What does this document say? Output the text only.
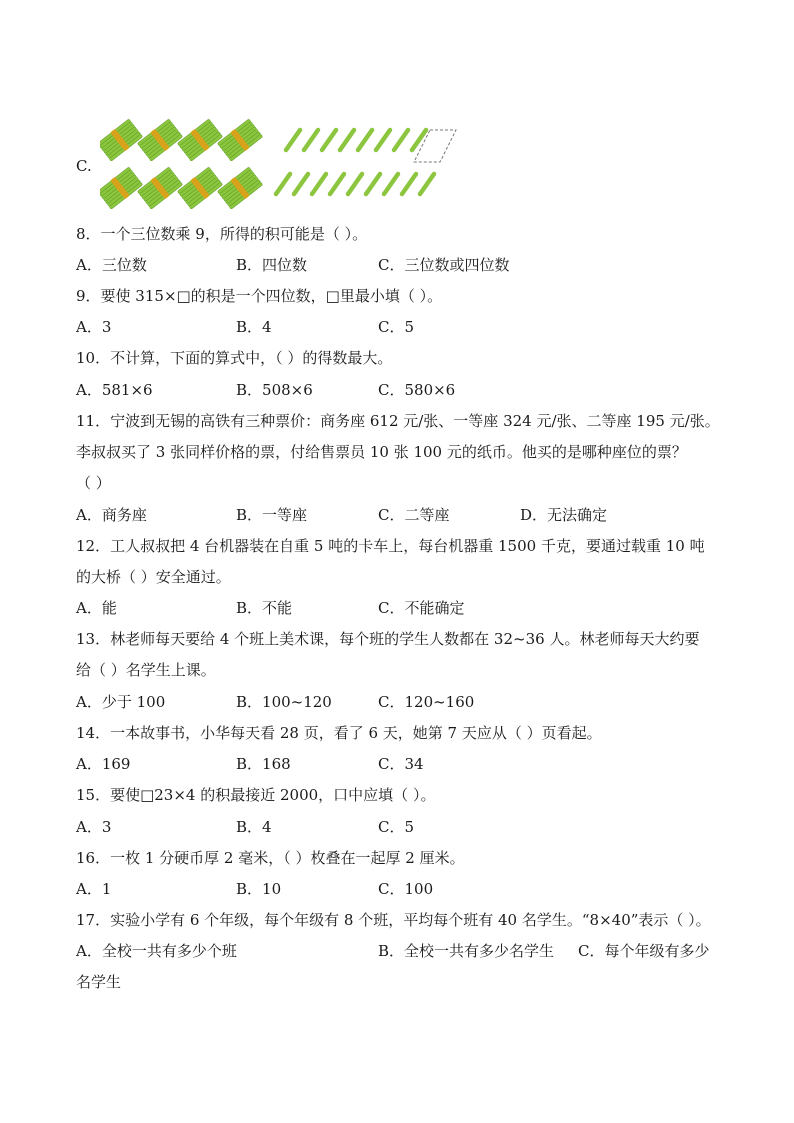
C.
8．一个三位数乘 9，所得的积可能是（ ）。
A．三位数	B．四位数	C．三位数或四位数
9．要使 315×□的积是一个四位数，□里最小填（ ）。
A．3	B．4	C．5
10．不计算，下面的算式中，（ ）的得数最大。
A．581×6	B．508×6	C．580×6
11．宁波到无锡的高铁有三种票价：商务座 612 元/张、一等座 324 元/张、二等座 195 元/张。
李叔叔买了 3 张同样价格的票，付给售票员 10 张 100 元的纸币。他买的是哪种座位的票？
（ ）
A．商务座	B．一等座	C．二等座	D．无法确定
12．工人叔叔把 4 台机器装在自重 5 吨的卡车上，每台机器重 1500 千克，要通过载重 10 吨
的大桥（ ）安全通过。
A．能	B．不能	C．不能确定
13．林老师每天要给 4 个班上美术课，每个班的学生人数都在 32~36 人。林老师每天大约要
给（ ）名学生上课。
A．少于 100	B．100~120	C．120~160
14．一本故事书，小华每天看 28 页，看了 6 天，她第 7 天应从（ ）页看起。
A．169	B．168	C．34
15．要使□23×4 的积最接近 2000，口中应填（ ）。
A．3	B．4	C．5
16．一枚 1 分硬币厚 2 毫米，（ ）枚叠在一起厚 2 厘米。
A．1	B．10	C．100
17．实验小学有 6 个年级，每个年级有 8 个班，平均每个班有 40 名学生。“8×40”表示（ ）。
A．全校一共有多少个班	B．全校一共有多少名学生 C．每个年级有多少
名学生
